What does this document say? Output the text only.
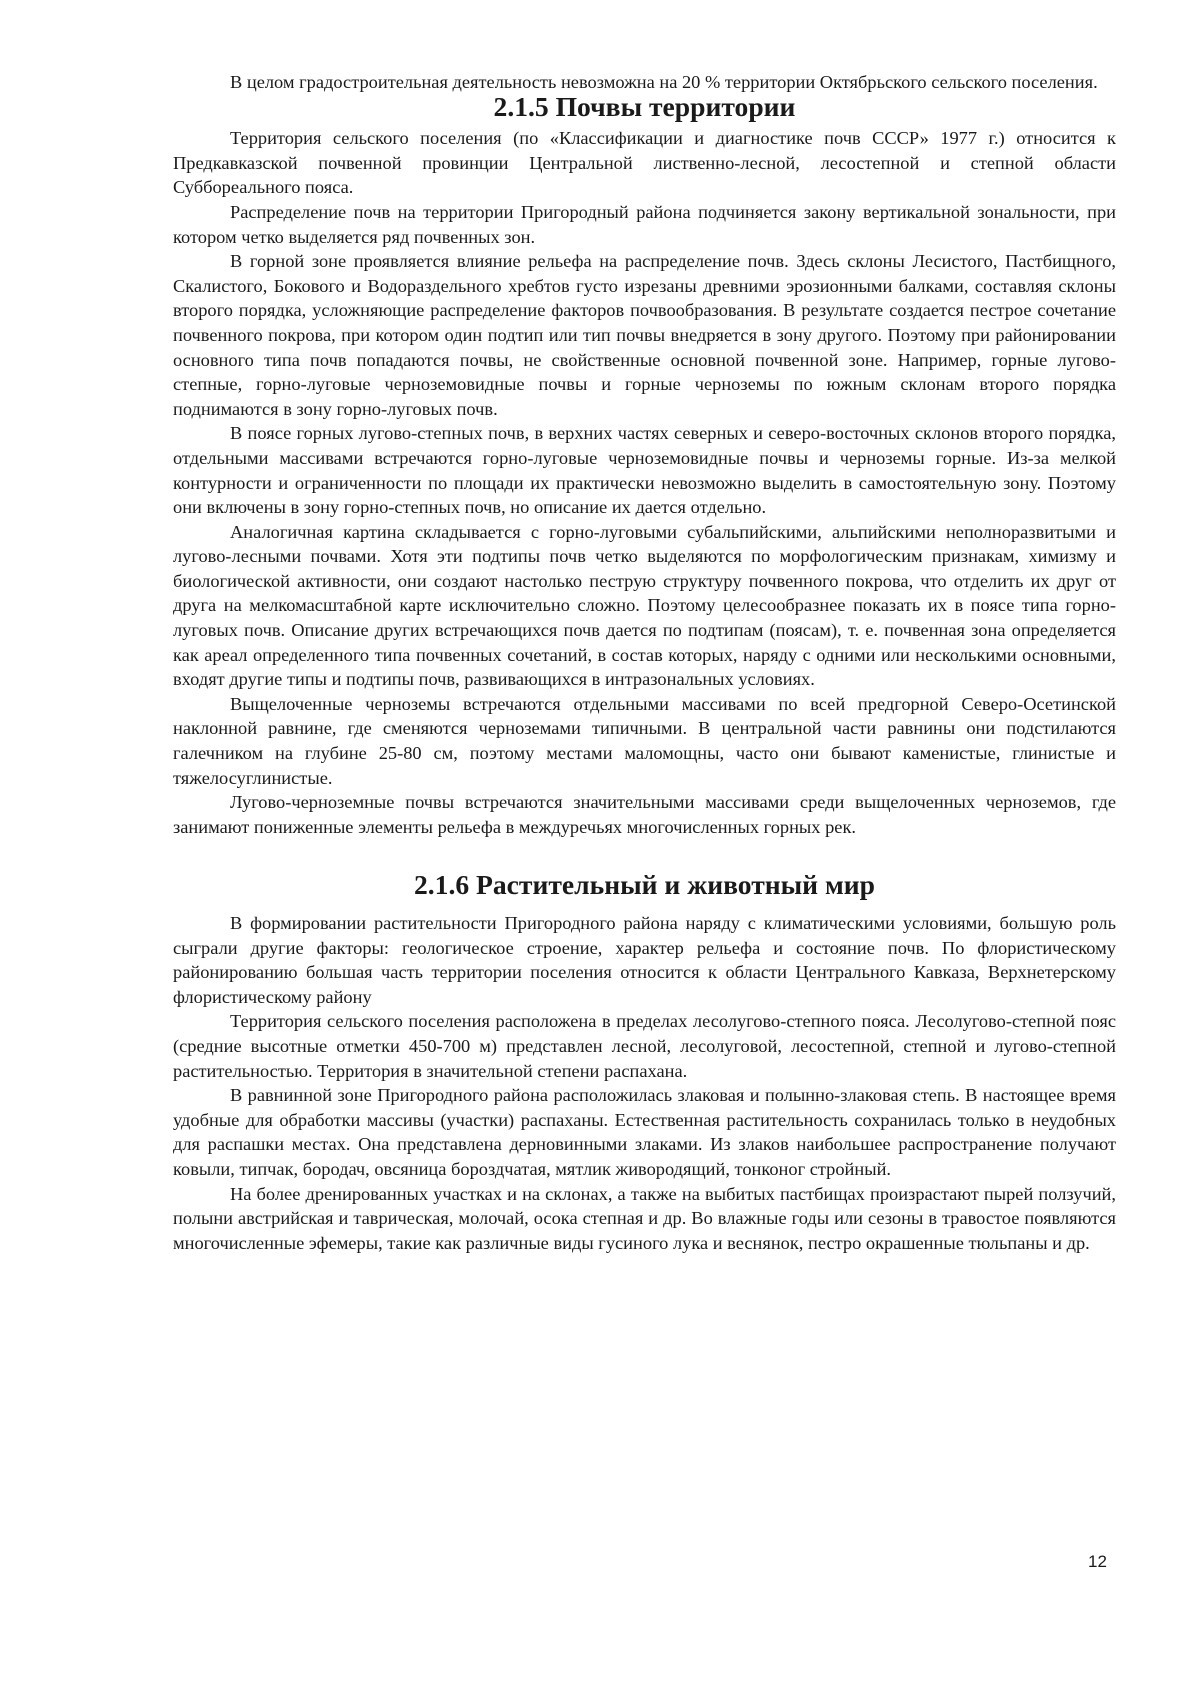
В целом градостроительная деятельность невозможна на 20 % территории Октябрьского сельского поселения.

2.1.5 Почвы территории

Территория сельского поселения (по «Классификации и диагностике почв СССР» 1977 г.) относится к Предкавказской почвенной провинции Центральной лиственно-лесной, лесостепной и степной области Суббореального пояса.

Распределение почв на территории Пригородный района подчиняется закону вертикальной зональности, при котором четко выделяется ряд почвенных зон.

В горной зоне проявляется влияние рельефа на распределение почв. Здесь склоны Лесистого, Пастбищного, Скалистого, Бокового и Водораздельного хребтов густо изрезаны древними эрозионными балками, составляя склоны второго порядка, усложняющие распределение факторов почвообразования. В результате создается пестрое сочетание почвенного покрова, при котором один подтип или тип почвы внедряется в зону другого. Поэтому при районировании основного типа почв попадаются почвы, не свойственные основной почвенной зоне. Например, горные лугово-степные, горно-луговые черноземовидные почвы и горные черноземы по южным склонам второго порядка поднимаются в зону горно-луговых почв.

В поясе горных лугово-степных почв, в верхних частях северных и северо-восточных склонов второго порядка, отдельными массивами встречаются горно-луговые черноземовидные почвы и черноземы горные. Из-за мелкой контурности и ограниченности по площади их практически невозможно выделить в самостоятельную зону. Поэтому они включены в зону горно-степных почв, но описание их дается отдельно.

Аналогичная картина складывается с горно-луговыми субальпийскими, альпийскими неполноразвитыми и лугово-лесными почвами. Хотя эти подтипы почв четко выделяются по морфологическим признакам, химизму и биологической активности, они создают настолько пеструю структуру почвенного покрова, что отделить их друг от друга на мелкомасштабной карте исключительно сложно. Поэтому целесообразнее показать их в поясе типа горно-луговых почв. Описание других встречающихся почв дается по подтипам (поясам), т. е. почвенная зона определяется как ареал определенного типа почвенных сочетаний, в состав которых, наряду с одними или несколькими основными, входят другие типы и подтипы почв, развивающихся в интразональных условиях.

Выщелоченные черноземы встречаются отдельными массивами по всей предгорной Северо-Осетинской наклонной равнине, где сменяются черноземами типичными. В центральной части равнины они подстилаются галечником на глубине 25-80 см, поэтому местами маломощны, часто они бывают каменистые, глинистые и тяжелосуглинистые.

Лугово-черноземные почвы встречаются значительными массивами среди выщелоченных черноземов, где занимают пониженные элементы рельефа в междуречьях многочисленных горных рек.

2.1.6 Растительный и животный мир

В формировании растительности Пригородного района наряду с климатическими условиями, большую роль сыграли другие факторы: геологическое строение, характер рельефа и состояние почв. По флористическому районированию большая часть территории поселения относится к области Центрального Кавказа, Верхнетерскому флористическому району

Территория сельского поселения расположена в пределах лесолугово-степного пояса. Лесолугово-степной пояс (средние высотные отметки 450-700 м) представлен лесной, лесолуговой, лесостепной, степной и лугово-степной растительностью. Территория в значительной степени распахана.

В равнинной зоне Пригородного района расположилась злаковая и полынно-злаковая степь. В настоящее время удобные для обработки массивы (участки) распаханы. Естественная растительность сохранилась только в неудобных для распашки местах. Она представлена дерновинными злаками. Из злаков наибольшее распространение получают ковыли, типчак, бородач, овсяница бороздчатая, мятлик живородящий, тонконог стройный.

На более дренированных участках и на склонах, а также на выбитых пастбищах произрастают пырей ползучий, полыни австрийская и таврическая, молочай, осока степная и др. Во влажные годы или сезоны в травостое появляются многочисленные эфемеры, такие как различные виды гусиного лука и веснянок, пестро окрашенные тюльпаны и др.

12
